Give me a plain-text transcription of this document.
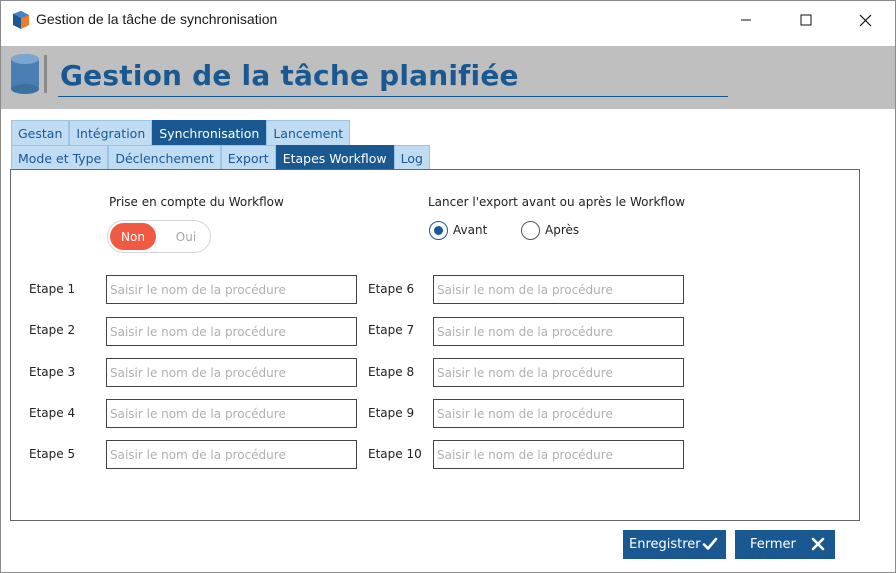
Gestion de la tâche de synchronisation
Gestion de la tâche planifiée
Gestan	Intégration	Synchronisation	Lancement
Mode et Type	Déclenchement	Export	Etapes Workflow	Log
Prise en compte du Workflow
Non	Oui
Lancer l'export avant ou après le Workflow
Avant	Après
Etape 1
Saisir le nom de la procédure
Etape 2
Saisir le nom de la procédure
Etape 3
Saisir le nom de la procédure
Etape 4
Saisir le nom de la procédure
Etape 5
Saisir le nom de la procédure
Etape 6
Saisir le nom de la procédure
Etape 7
Saisir le nom de la procédure
Etape 8
Saisir le nom de la procédure
Etape 9
Saisir le nom de la procédure
Etape 10
Saisir le nom de la procédure
Enregistrer	Fermer
